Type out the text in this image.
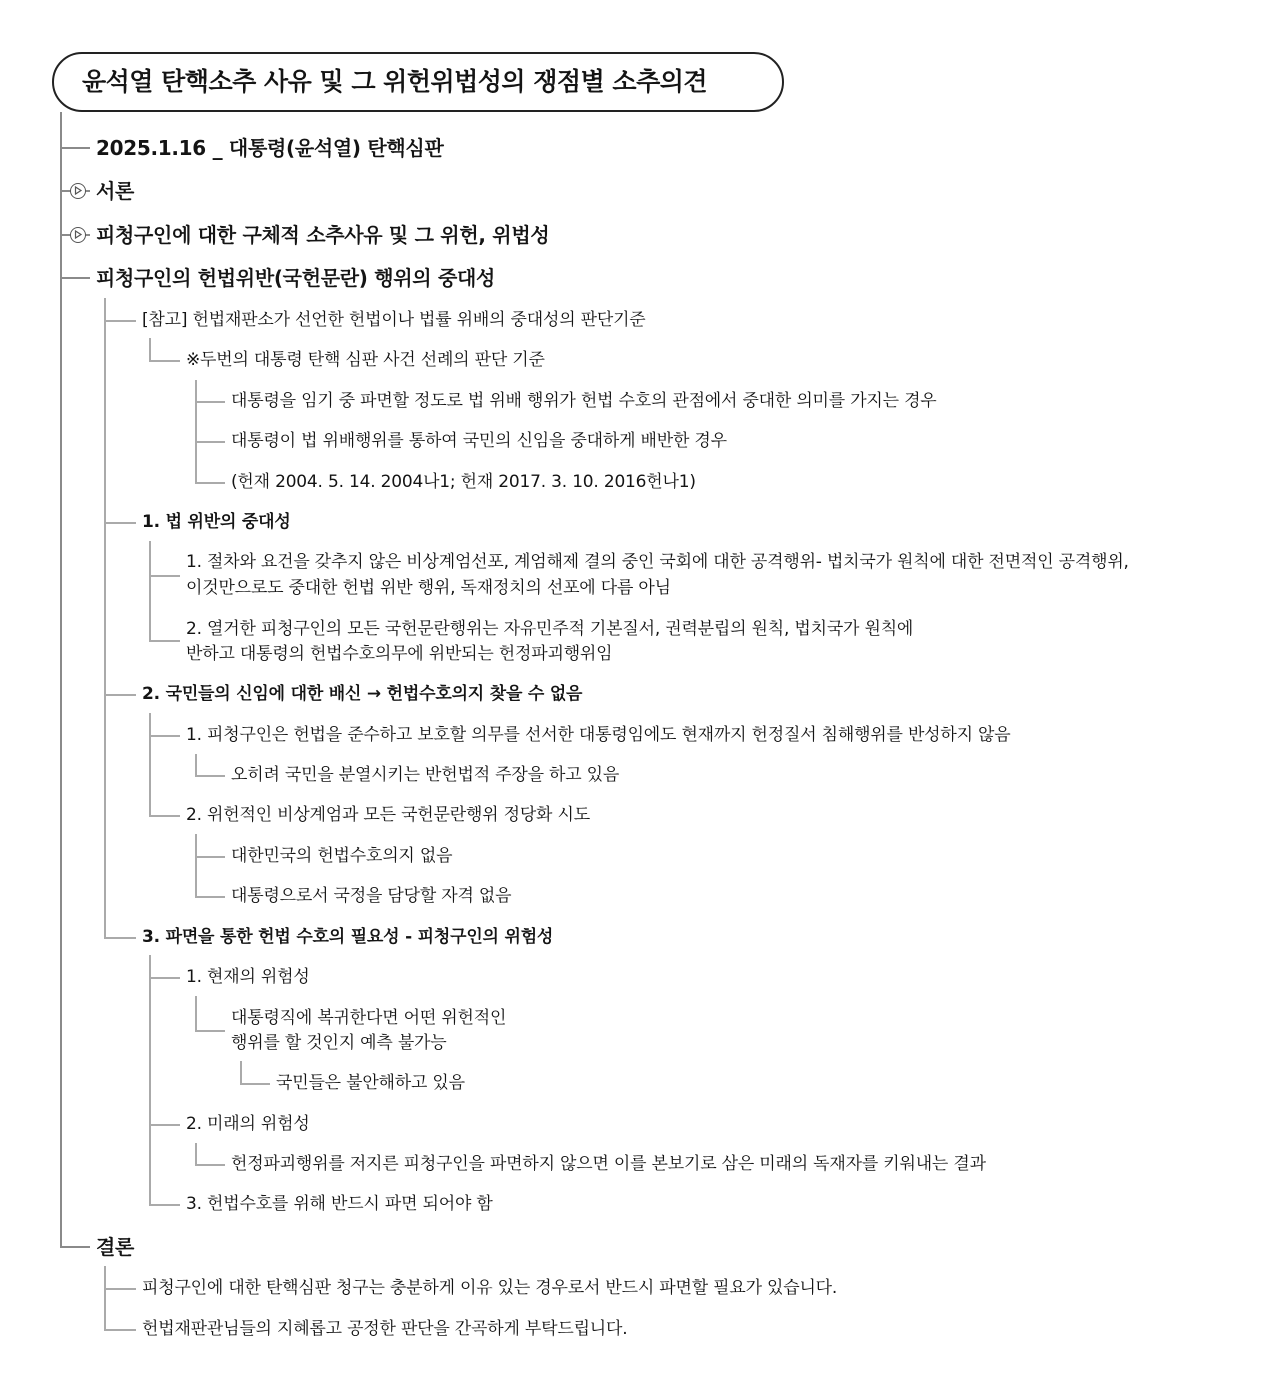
윤석열 탄핵소추 사유 및 그 위헌위법성의 쟁점별 소추의견
2025.1.16 _ 대통령(윤석열) 탄핵심판
서론
피청구인에 대한 구체적 소추사유 및 그 위헌, 위법성
피청구인의 헌법위반(국헌문란) 행위의 중대성
결론
[참고] 헌법재판소가 선언한 헌법이나 법률 위배의 중대성의 판단기준
※두번의 대통령 탄핵 심판 사건 선례의 판단 기준
대통령을 임기 중 파면할 정도로 법 위배 행위가 헌법 수호의 관점에서 중대한 의미를 가지는 경우
대통령이 법 위배행위를 통하여 국민의 신임을 중대하게 배반한 경우
(헌재 2004. 5. 14. 2004나1; 헌재 2017. 3. 10. 2016헌나1)
1. 법 위반의 중대성
1. 절차와 요건을 갖추지 않은 비상계엄선포, 계엄해제 결의 중인 국회에 대한 공격행위- 법치국가 원칙에 대한 전면적인 공격행위,
이것만으로도 중대한 헌법 위반 행위, 독재정치의 선포에 다름 아님
2. 열거한 피청구인의 모든 국헌문란행위는 자유민주적 기본질서, 권력분립의 원칙, 법치국가 원칙에
반하고 대통령의 헌법수호의무에 위반되는 헌정파괴행위임
2. 국민들의 신임에 대한 배신 → 헌법수호의지 찾을 수 없음
1. 피청구인은 헌법을 준수하고 보호할 의무를 선서한 대통령임에도 현재까지 헌정질서 침해행위를 반성하지 않음
오히려 국민을 분열시키는 반헌법적 주장을 하고 있음
2. 위헌적인 비상계엄과 모든 국헌문란행위 정당화 시도
대한민국의 헌법수호의지 없음
대통령으로서 국정을 담당할 자격 없음
3. 파면을 통한 헌법 수호의 필요성 - 피청구인의 위험성
1. 현재의 위험성
대통령직에 복귀한다면 어떤 위헌적인
행위를 할 것인지 예측 불가능
국민들은 불안해하고 있음
2. 미래의 위험성
헌정파괴행위를 저지른 피청구인을 파면하지 않으면 이를 본보기로 삼은 미래의 독재자를 키워내는 결과
3. 헌법수호를 위해 반드시 파면 되어야 함
피청구인에 대한 탄핵심판 청구는 충분하게 이유 있는 경우로서 반드시 파면할 필요가 있습니다.
헌법재판관님들의 지혜롭고 공정한 판단을 간곡하게 부탁드립니다.
